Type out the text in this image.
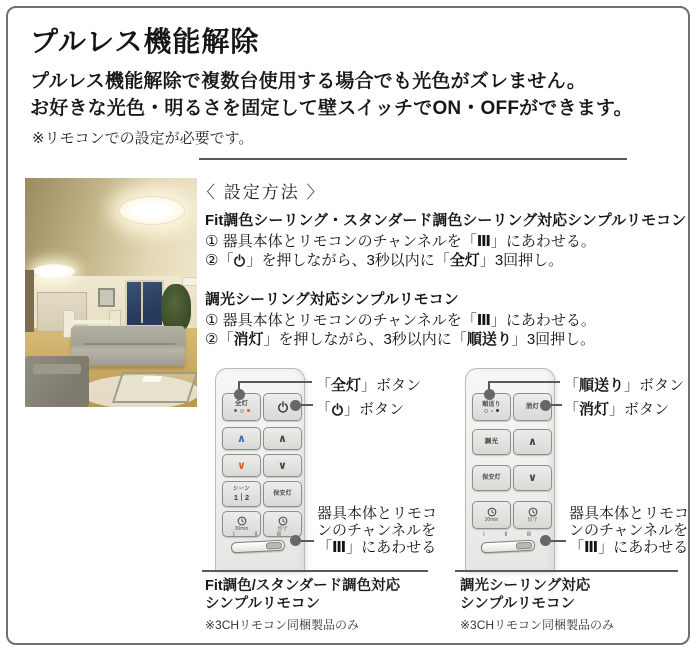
プルレス機能解除
プルレス機能解除で複数台使用する場合でも光色がズレません。
お好きな光色・明るさを固定して壁スイッチでON・OFFができます。
※リモコンでの設定が必要です。
〈 設定方法 〉
Fit調色シーリング・スタンダード調色シーリング対応シンプルリモコン
① 器具本体とリモコンのチャンネルを「Ⅲ」にあわせる。
②「 」を押しながら、3秒以内に「全灯」3回押し。
調光シーリング対応シンプルリモコン
① 器具本体とリモコンのチャンネルを「Ⅲ」にあわせる。
②「消灯」を押しながら、3秒以内に「順送り」3回押し。
全灯
∧	∧
∨	∨
シーン
1 2	保安灯
30min	留守
Ⅰ	Ⅱ	Ⅲ
「全灯」ボタン
「 」ボタン
器具本体とリモコ
ンのチャンネルを
「Ⅲ」にあわせる
Fit調色/スタンダード調色対応
シンプルリモコン
※3CHリモコン同梱製品のみ
順送り	消灯
調光	∧
保安灯 ∨
30min	留守
Ⅰ	Ⅱ	Ⅲ
「順送り」ボタン
「消灯」ボタン
器具本体とリモコ
ンのチャンネルを
「Ⅲ」にあわせる
調光シーリング対応
シンプルリモコン
※3CHリモコン同梱製品のみ
